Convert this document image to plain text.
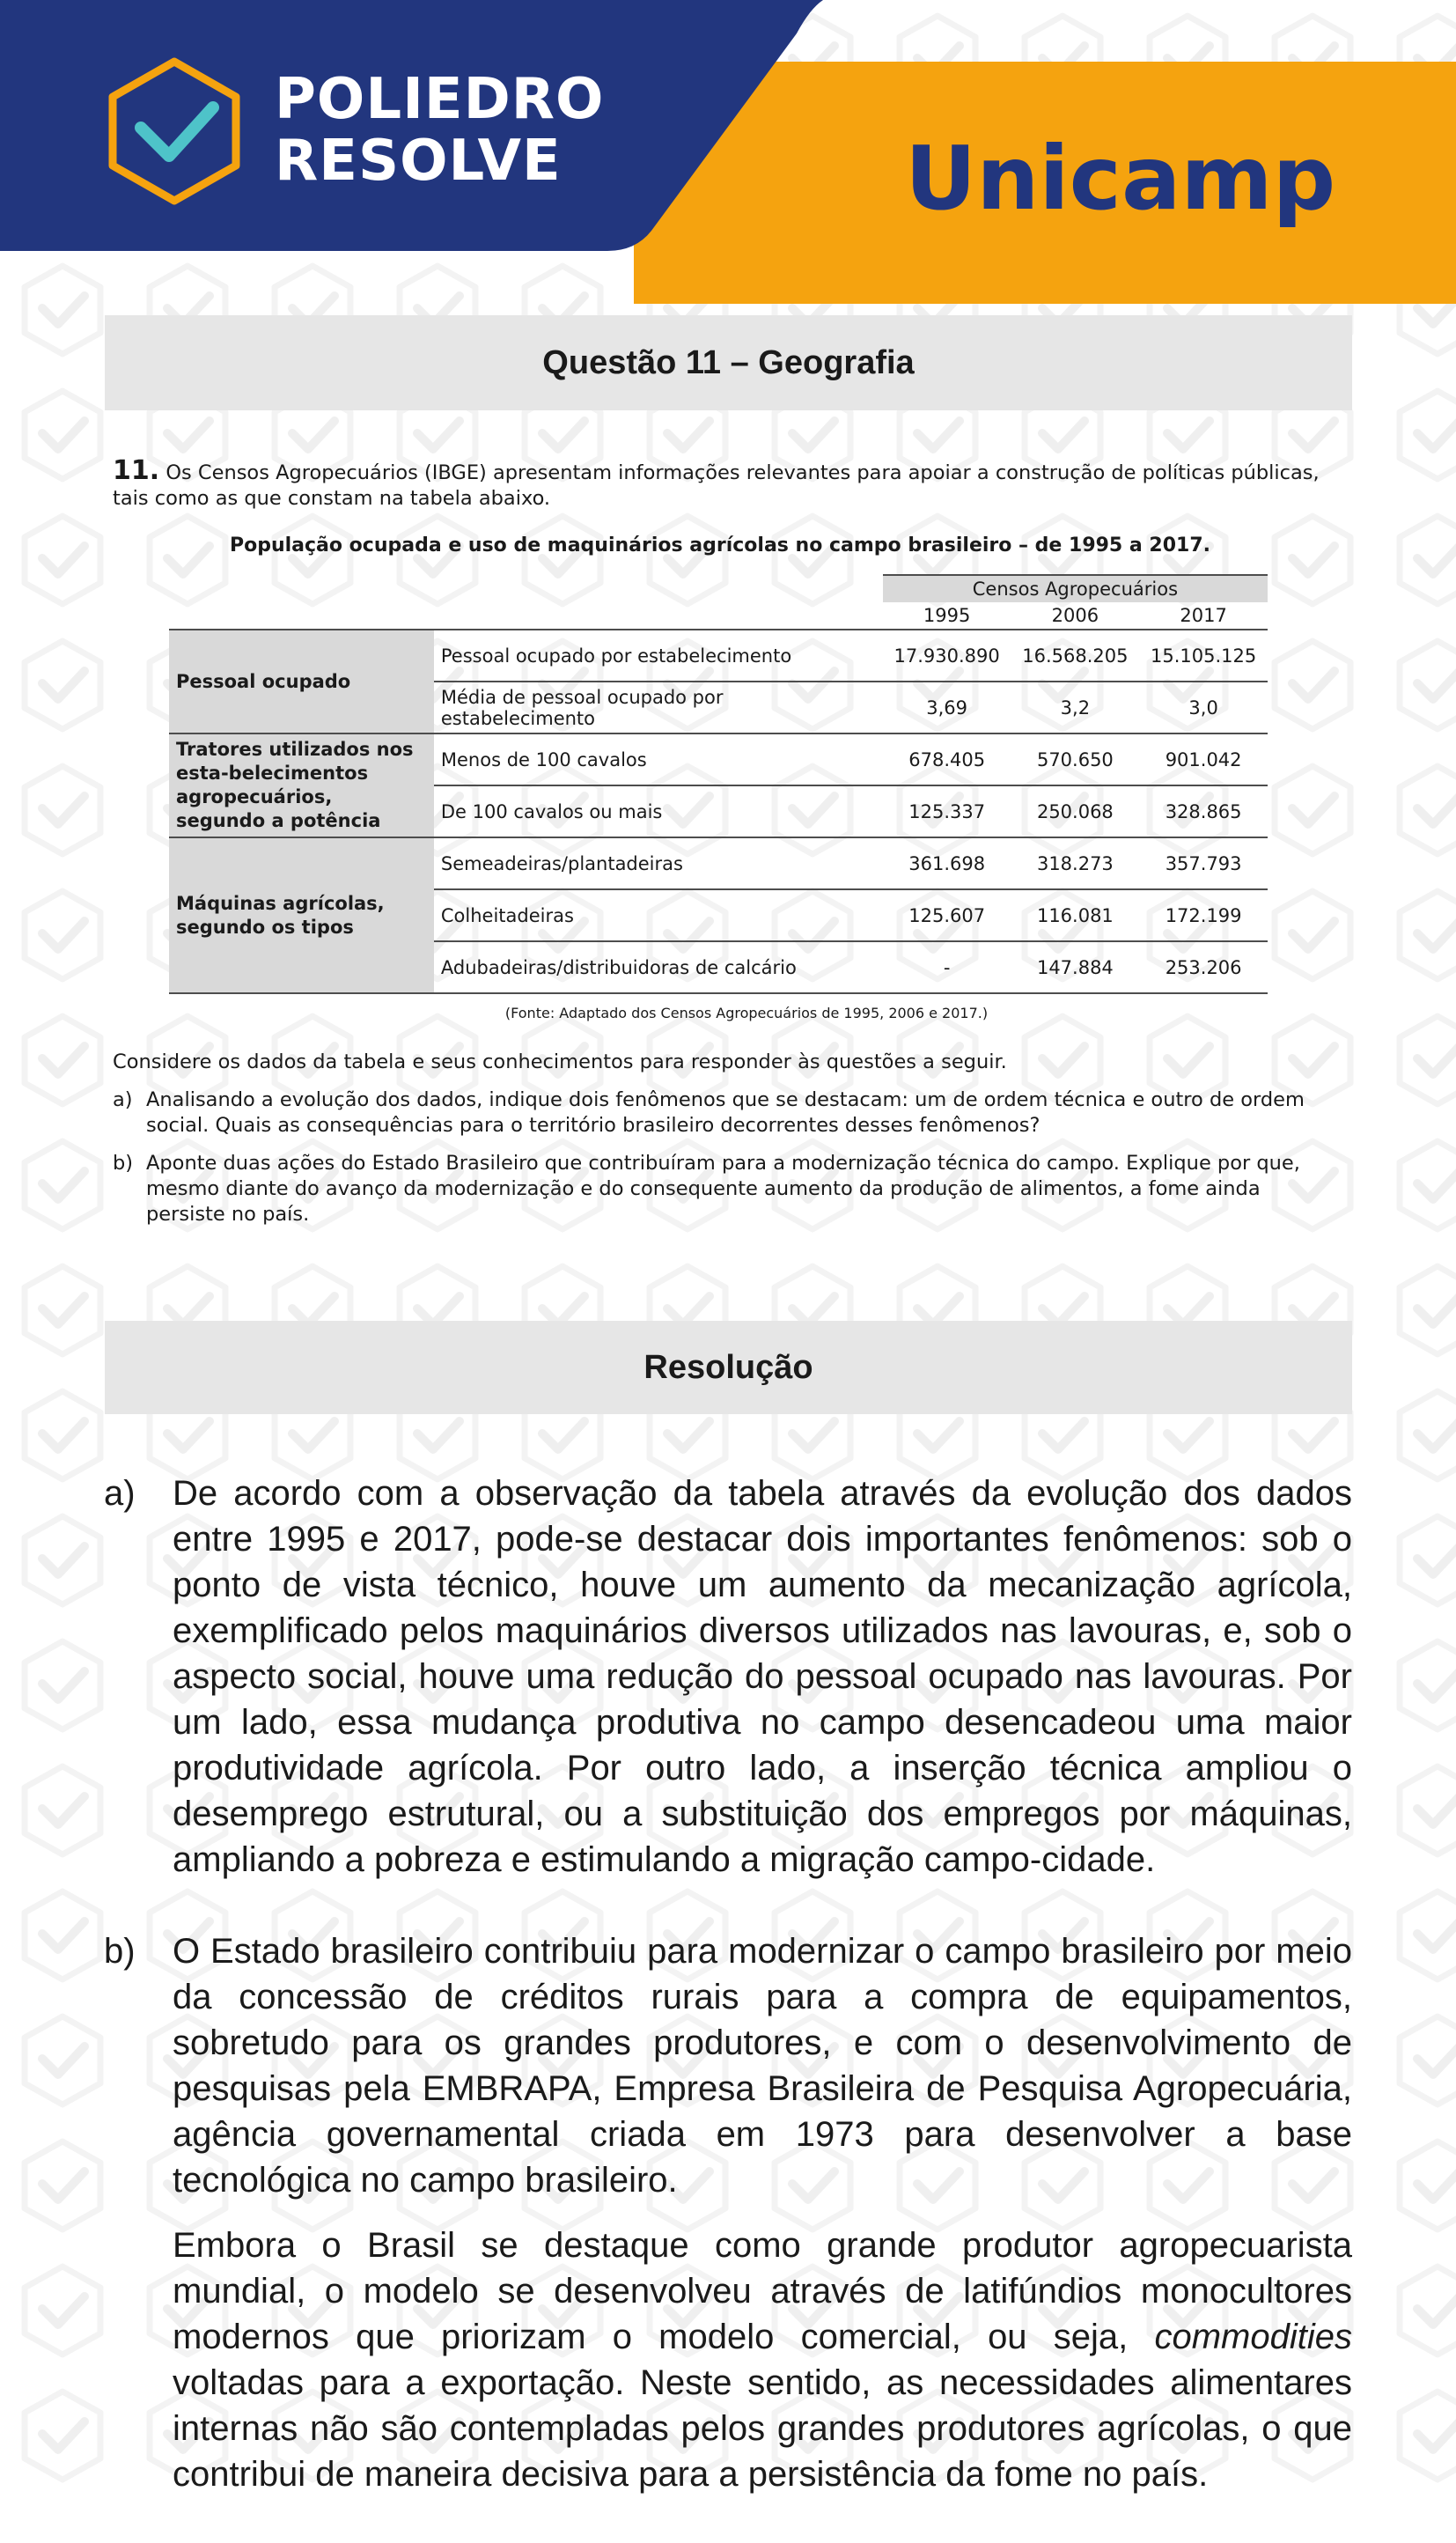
POLIEDRO
RESOLVE	Unicamp
Questão 11 – Geografia

11. Os Censos Agropecuários (IBGE) apresentam informações relevantes para apoiar a construção de políticas públicas, tais como as que constam na tabela abaixo.

População ocupada e uso de maquinários agrícolas no campo brasileiro – de 1995 a 2017.
		Censos Agropecuários		
		1995	2006	2017
Pessoal ocupado	Pessoal ocupado por estabelecimento	17.930.890	16.568.205	15.105.125
	Média de pessoal ocupado por estabelecimento	3,69	3,2	3,0
Tratores utilizados nos esta-belecimentos agropecuários, segundo a potência	Menos de 100 cavalos	678.405	570.650	901.042
	De 100 cavalos ou mais	125.337	250.068	328.865
Máquinas agrícolas, segundo os tipos	Semeadeiras/plantadeiras	361.698	318.273	357.793
	Colheitadeiras	125.607	116.081	172.199
	Adubadeiras/distribuidoras de calcário	-	147.884	253.206
(Fonte: Adaptado dos Censos Agropecuários de 1995, 2006 e 2017.)

Considere os dados da tabela e seus conhecimentos para responder às questões a seguir.

a) Analisando a evolução dos dados, indique dois fenômenos que se destacam: um de ordem técnica e outro de ordem social. Quais as consequências para o território brasileiro decorrentes desses fenômenos?
b) Aponte duas ações do Estado Brasileiro que contribuíram para a modernização técnica do campo. Explique por que, mesmo diante do avanço da modernização e do consequente aumento da produção de alimentos, a fome ainda persiste no país.
Resolução
a)	De acordo com a observação da tabela através da evolução dos dados entre 1995 e 2017, pode-se destacar dois importantes fenômenos: sob o ponto de vista técnico, houve um aumento da mecanização agrícola, exemplificado pelos maquinários diversos utilizados nas lavouras, e, sob o aspecto social, houve uma redução do pessoal ocupado nas lavouras. Por um lado, essa mudança produtiva no campo desencadeou uma maior produtividade agrícola. Por outro lado, a inserção técnica ampliou o desemprego estrutural, ou a substituição dos empregos por máquinas, ampliando a pobreza e estimulando a migração campo-cidade.

b)	O Estado brasileiro contribuiu para modernizar o campo brasileiro por meio da concessão de créditos rurais para a compra de equipamentos, sobretudo para os grandes produtores, e com o desenvolvimento de pesquisas pela EMBRAPA, Empresa Brasileira de Pesquisa Agropecuária, agência governamental criada em 1973 para desenvolver a base tecnológica no campo brasileiro.

Embora o Brasil se destaque como grande produtor agropecuarista mundial, o modelo se desenvolveu através de latifúndios monocultores modernos que priorizam o modelo comercial, ou seja, commodities voltadas para a exportação. Neste sentido, as necessidades alimentares internas não são contempladas pelos grandes produtores agrícolas, o que contribui de maneira decisiva para a persistência da fome no país.
